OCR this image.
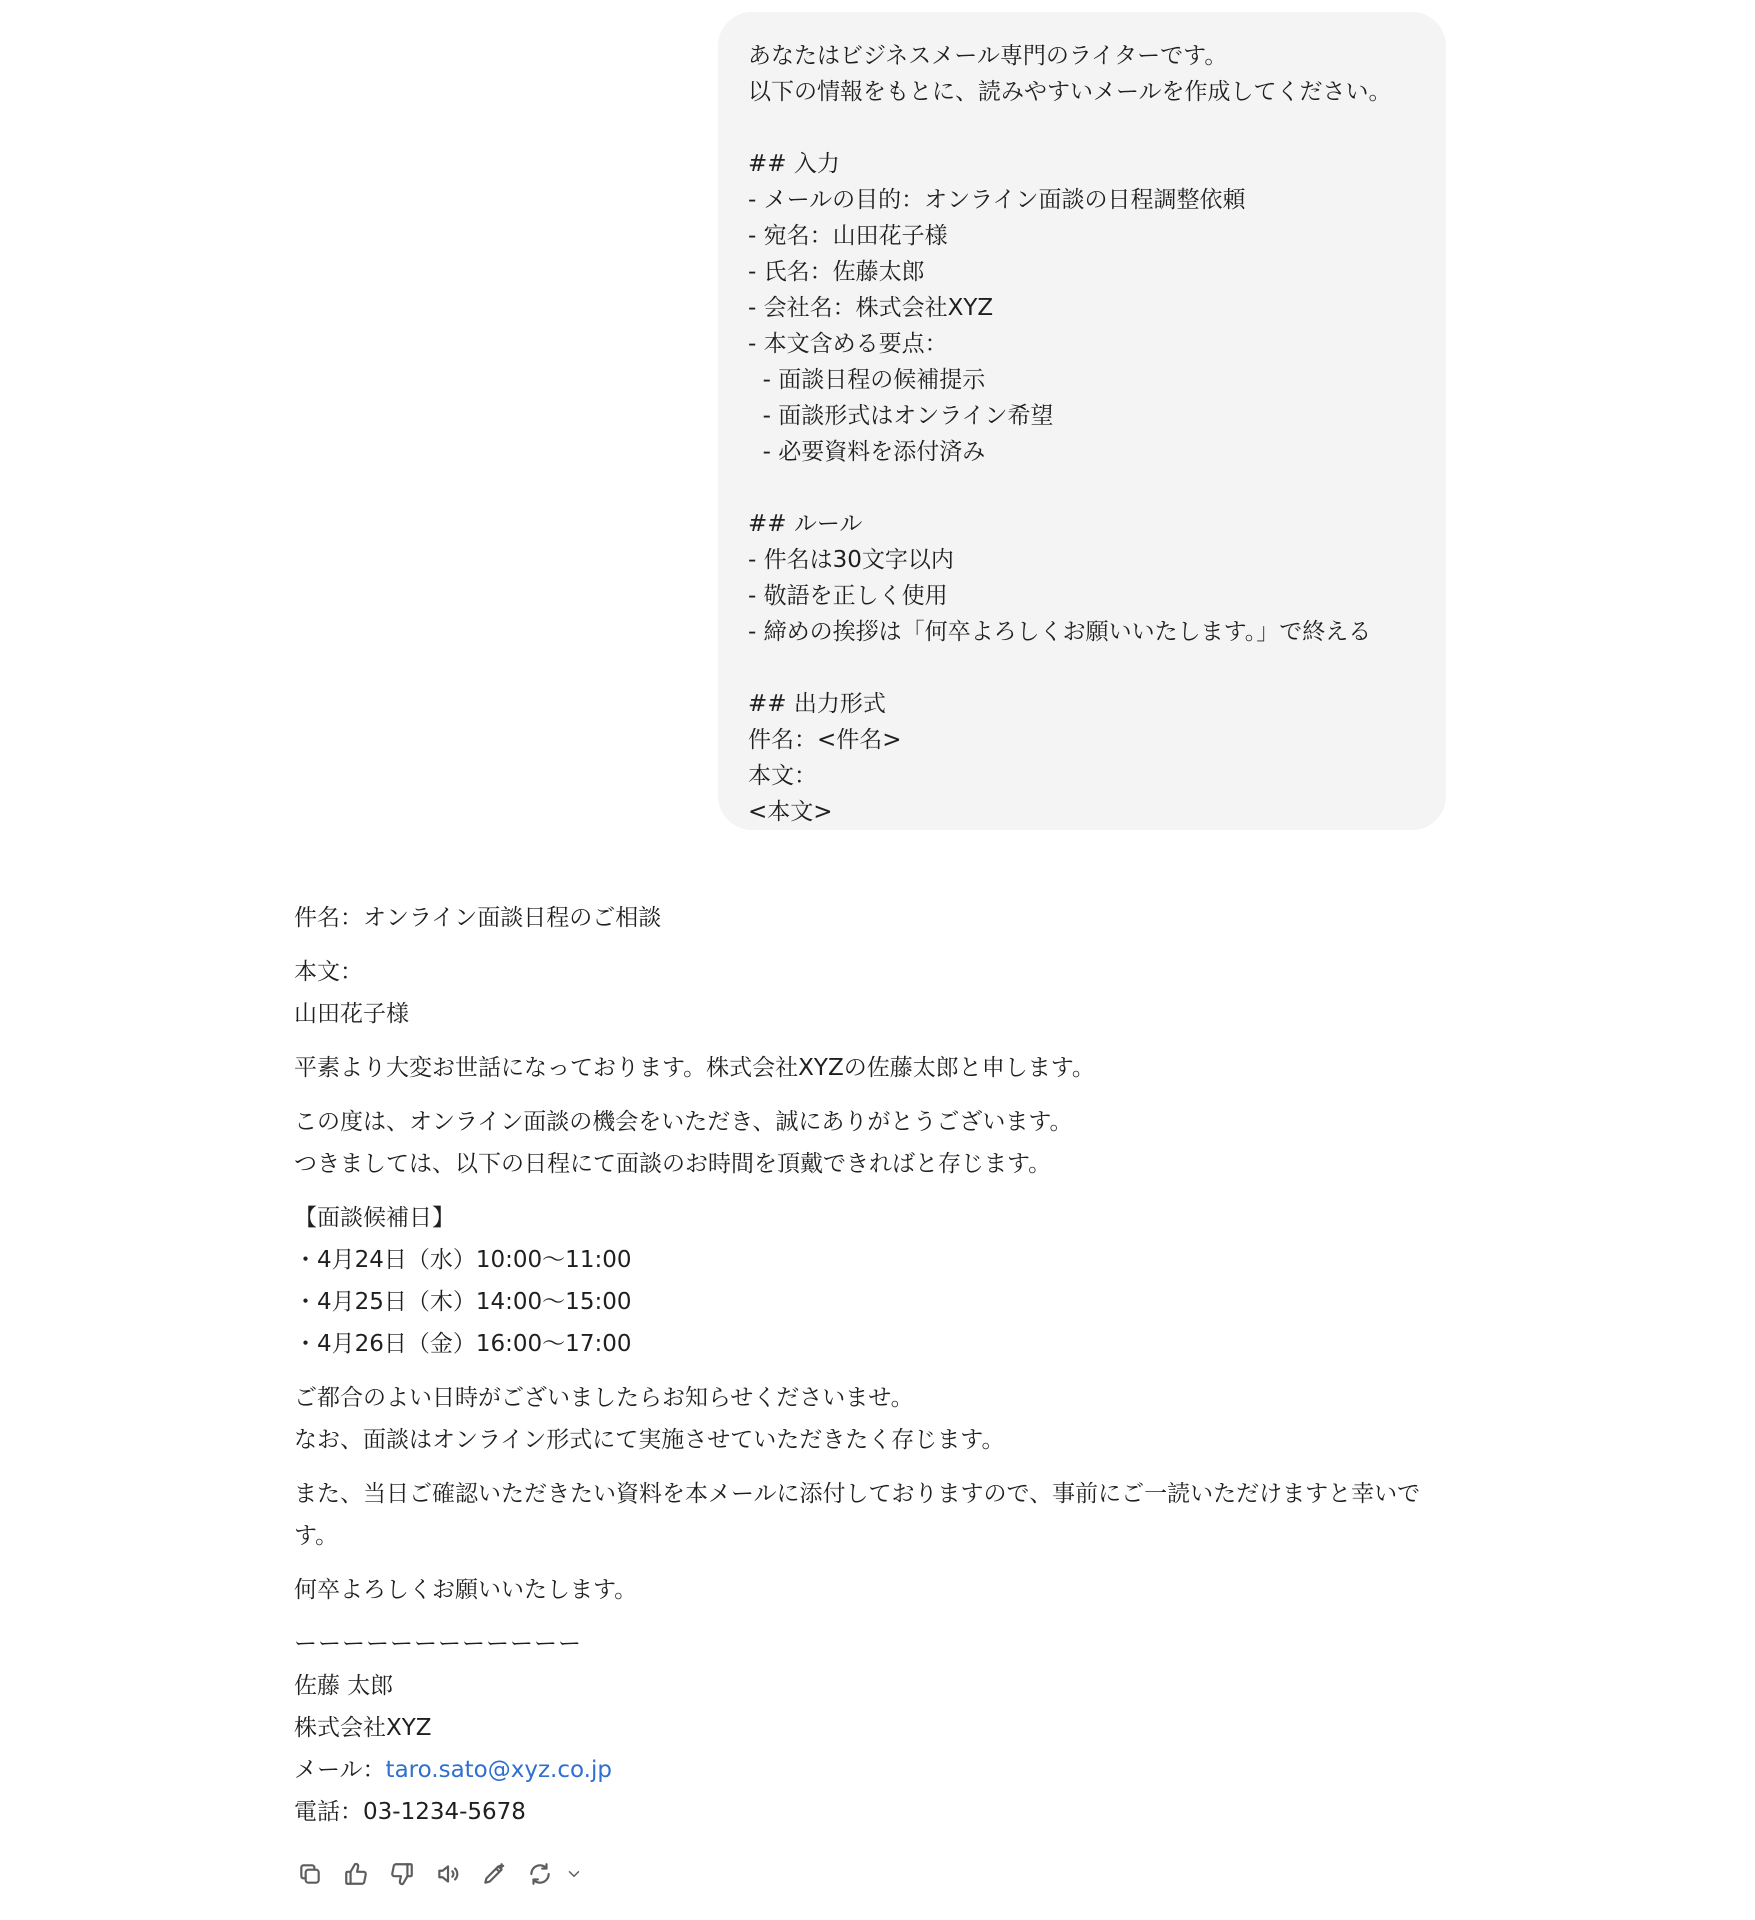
あなたはビジネスメール専門のライターです。
以下の情報をもとに、読みやすいメールを作成してください。
## 入力
- メールの目的：オンライン面談の日程調整依頼
- 宛名：山田花子様
- 氏名：佐藤太郎
- 会社名：株式会社XYZ
- 本文含める要点：
- 面談日程の候補提示
- 面談形式はオンライン希望
- 必要資料を添付済み
## ルール
- 件名は30文字以内
- 敬語を正しく使用
- 締めの挨拶は「何卒よろしくお願いいたします。」で終える
## 出力形式
件名：<件名>
本文：
<本文>
件名：オンライン面談日程のご相談
本文：
山田花子様
平素より大変お世話になっております。株式会社XYZの佐藤太郎と申します。
この度は、オンライン面談の機会をいただき、誠にありがとうございます。
つきましては、以下の日程にて面談のお時間を頂戴できればと存じます。
【面談候補日】
・4月24日（水）10:00〜11:00
・4月25日（木）14:00〜15:00
・4月26日（金）16:00〜17:00
ご都合のよい日時がございましたらお知らせくださいませ。
なお、面談はオンライン形式にて実施させていただきたく存じます。
また、当日ご確認いただきたい資料を本メールに添付しておりますので、事前にご一読いただけますと幸いです。
何卒よろしくお願いいたします。
ーーーーーーーーーーーー
佐藤 太郎
株式会社XYZ
メール：taro.sato@xyz.co.jp
電話：03-1234-5678
